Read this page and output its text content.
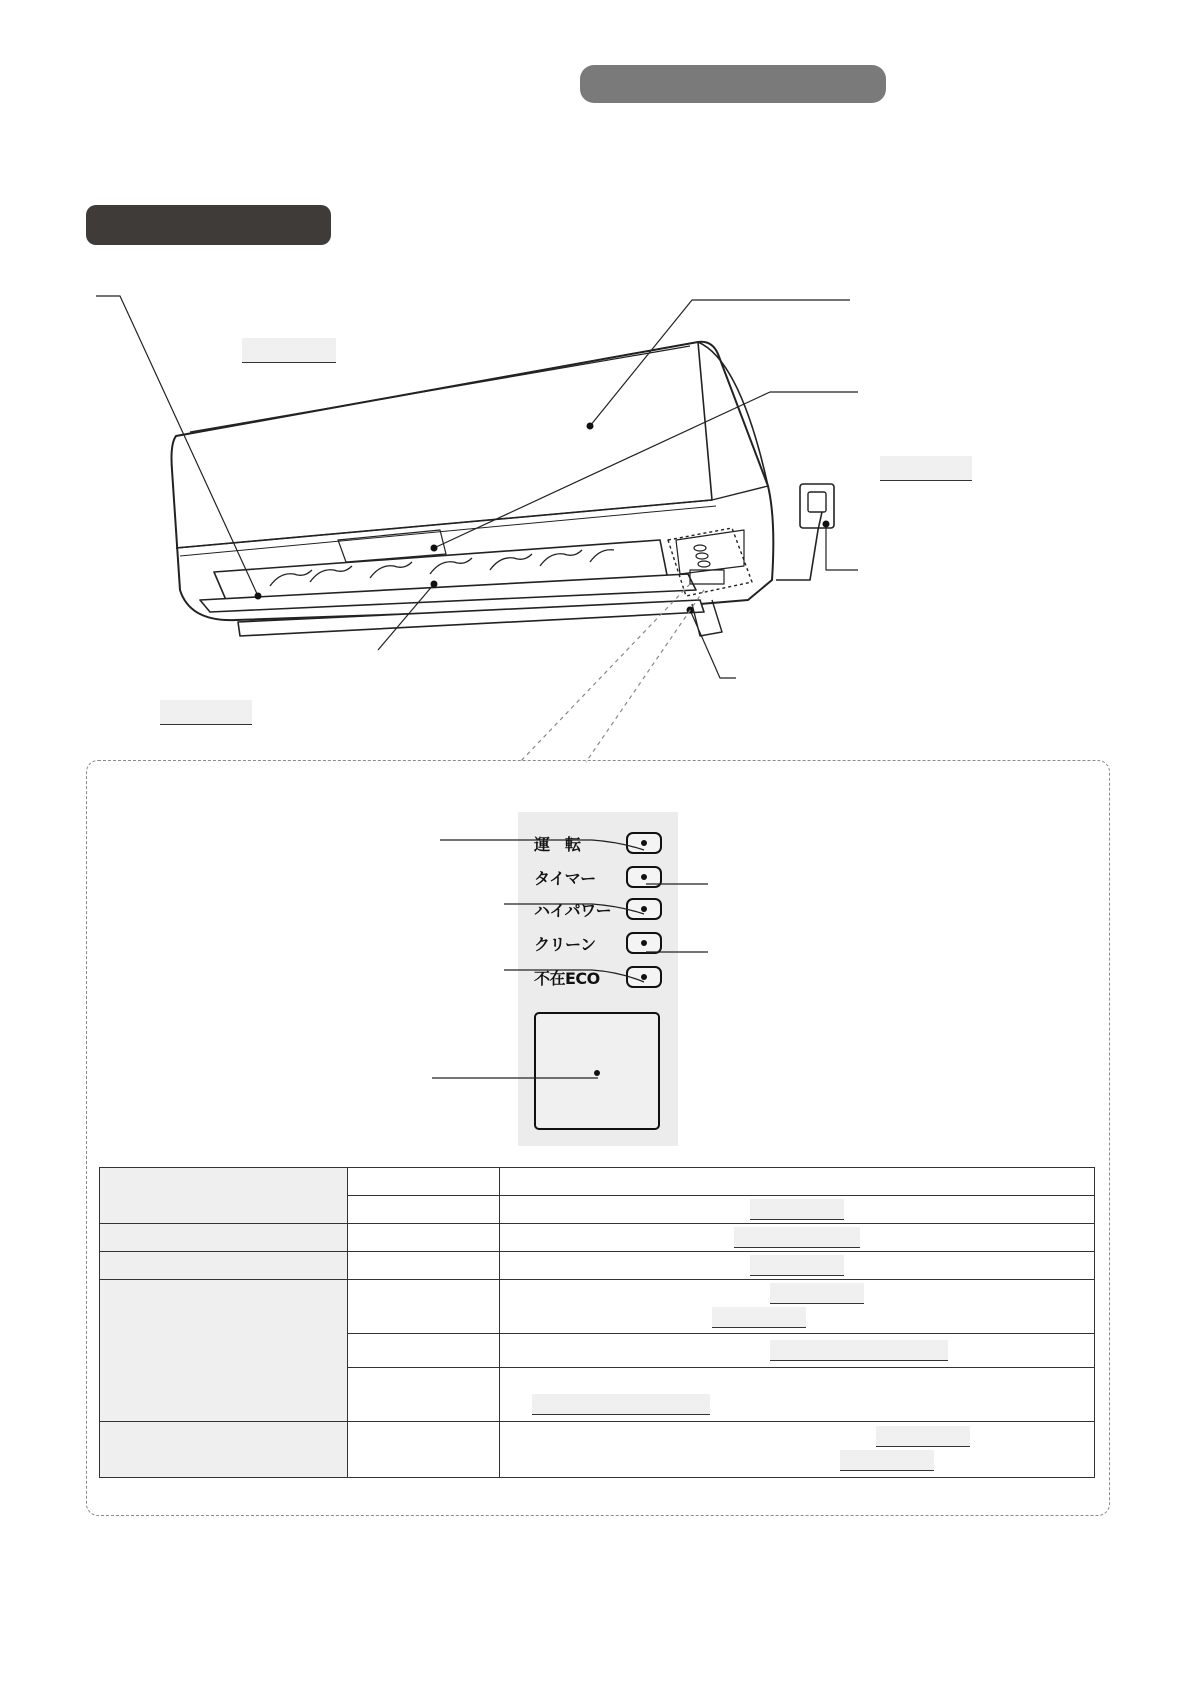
運　転
タイマー
ハイパワー
クリーン
不在ECO
